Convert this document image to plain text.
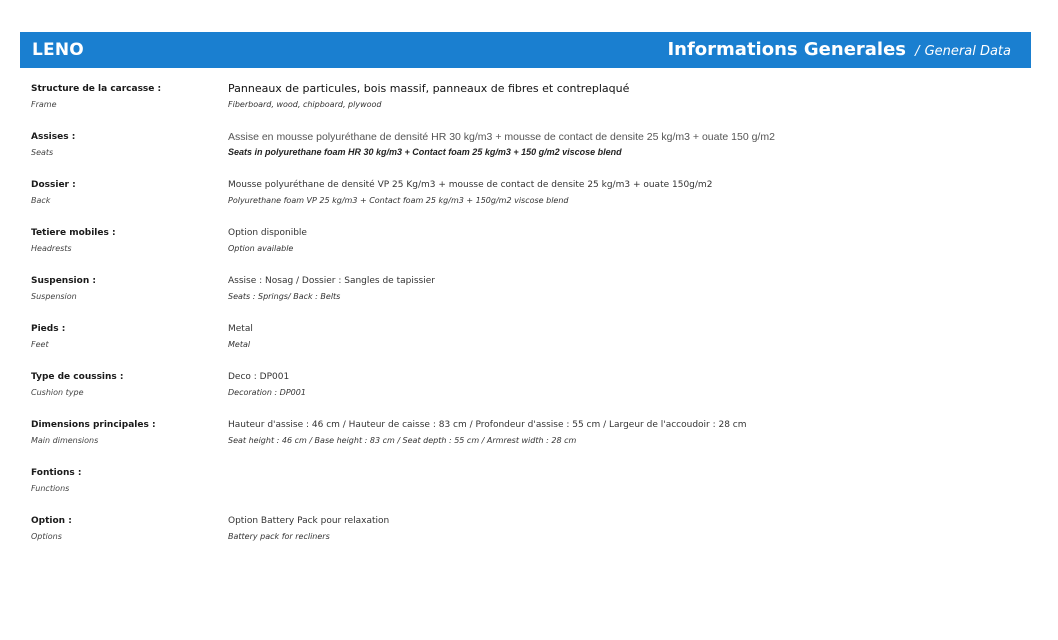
LENO	Informations Generales / General Data
Structure de la carcasse :
Frame
Panneaux de particules, bois massif, panneaux de fibres et contreplaqué
Fiberboard, wood, chipboard, plywood
Assises :
Seats
Assise en mousse polyuréthane de densité HR 30 kg/m3 + mousse de contact de densite 25 kg/m3 + ouate 150 g/m2
Seats in polyurethane foam HR 30 kg/m3 + Contact foam 25 kg/m3 + 150 g/m2 viscose blend
Dossier :
Back
Mousse polyuréthane de densité VP 25 Kg/m3 + mousse de contact de densite 25 kg/m3 + ouate 150g/m2
Polyurethane foam VP 25 kg/m3 + Contact foam 25 kg/m3 + 150g/m2 viscose blend
Tetiere mobiles :
Headrests
Option disponible
Option available
Suspension :
Suspension
Assise : Nosag / Dossier : Sangles de tapissier
Seats : Springs/ Back : Belts
Pieds :
Feet
Metal
Metal
Type de coussins :
Cushion type
Deco : DP001
Decoration : DP001
Dimensions principales :
Main dimensions
Hauteur d'assise : 46 cm / Hauteur de caisse : 83 cm / Profondeur d'assise : 55 cm / Largeur de l'accoudoir : 28 cm
Seat height : 46 cm / Base height : 83 cm / Seat depth : 55 cm / Armrest width : 28 cm
Fontions :
Functions
Option :
Options
Option Battery Pack pour relaxation
Battery pack for recliners
